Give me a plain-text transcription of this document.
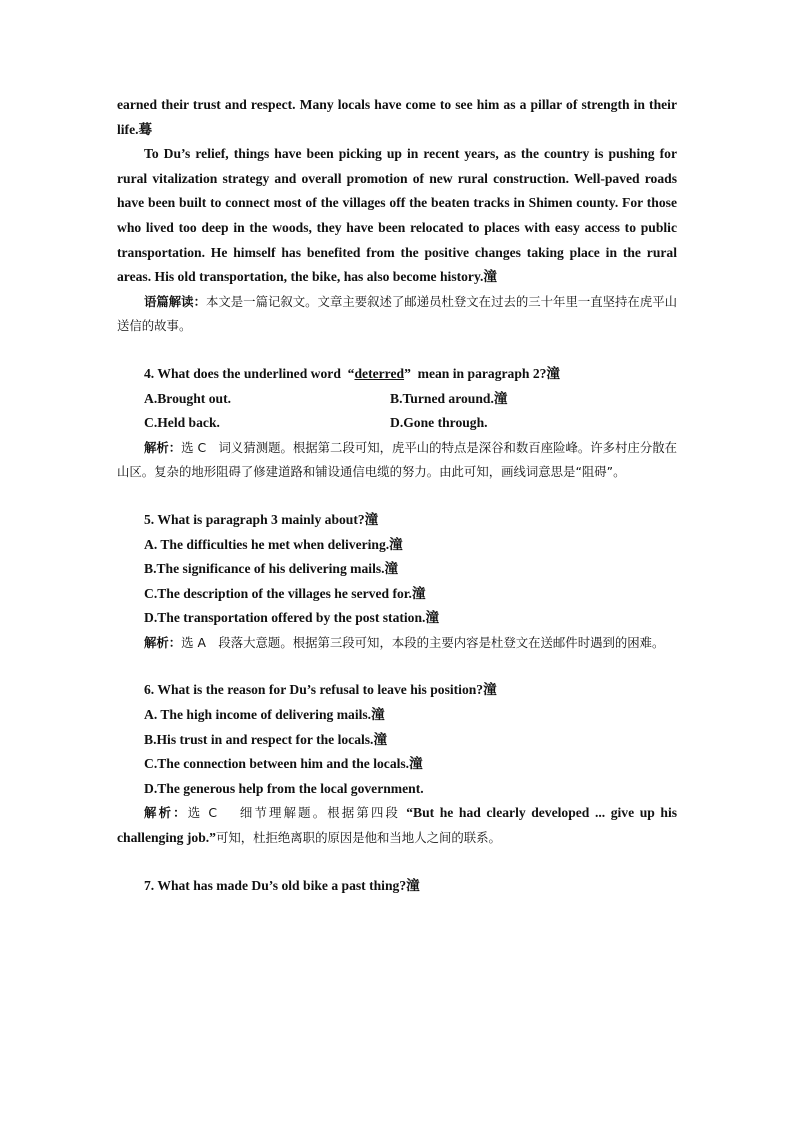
earned their trust and respect. Many locals have come to see him as a pillar of strength in their life.蓦

To Du’s relief, things have been picking up in recent years, as the country is pushing for rural vitalization strategy and overall promotion of new rural construction. Well-paved roads have been built to connect most of the villages off the beaten tracks in Shimen county. For those who lived too deep in the woods, they have been relocated to places with easy access to public transportation. He himself has benefited from the positive changes taking place in the rural areas. His old transportation, the bike, has also become history.潼

语篇解读：本文是一篇记叙文。文章主要叙述了邮递员杜登文在过去的三十年里一直坚持在虎平山送信的故事。

4. What does the underlined word  “deterred”  mean in paragraph 2?潼

A.Brought out.	B.Turned around.潼
C.Held back.	D.Gone through.

解析：选 C　词义猜测题。根据第二段可知，虎平山的特点是深谷和数百座险峰。许多村庄分散在山区。复杂的地形阻碍了修建道路和铺设通信电缆的努力。由此可知，画线词意思是“阻碍”。

5. What is paragraph 3 mainly about?潼

A. The difficulties he met when delivering.潼

B.The significance of his delivering mails.潼

C.The description of the villages he served for.潼

D.The transportation offered by the post station.潼

解析：选 A　段落大意题。根据第三段可知，本段的主要内容是杜登文在送邮件时遇到的困难。

6. What is the reason for Du’s refusal to leave his position?潼

A. The high income of delivering mails.潼

B.His trust in and respect for the locals.潼

C.The connection between him and the locals.潼

D.The generous help from the local government.

解析：选 C　 细节理解题。根据第四段 “But he had clearly developed ... give up his challenging job.”可知，杜拒绝离职的原因是他和当地人之间的联系。

7. What has made Du’s old bike a past thing?潼
